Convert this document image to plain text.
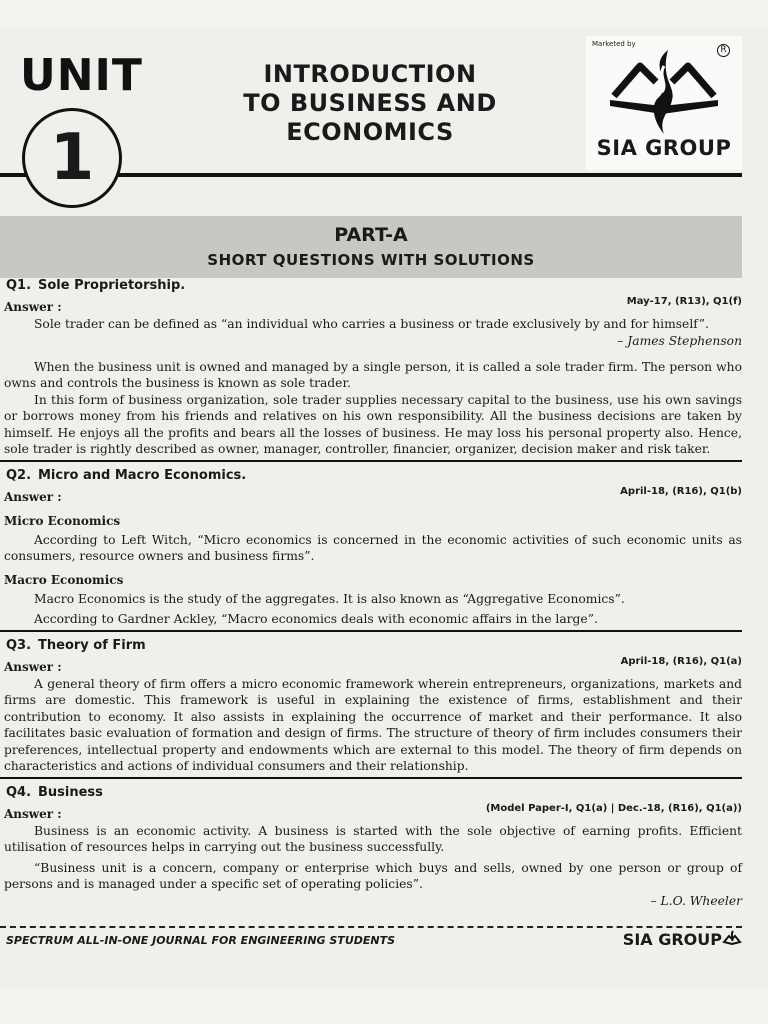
UNIT
1
INTRODUCTION
TO BUSINESS AND
ECONOMICS
Marketed by
R
SIA GROUP
PART-A
SHORT QUESTIONS WITH SOLUTIONS
Q1. Sole Proprietorship.
Answer :	May-17, (R13), Q1(f)

Sole trader can be defined as “an individual who carries a business or trade exclusively by and for himself”.

– James Stephenson

When the business unit is owned and managed by a single person, it is called a sole trader firm. The person who owns and controls the business is known as sole trader.

In this form of business organization, sole trader supplies necessary capital to the business, use his own savings or borrows money from his friends and relatives on his own responsibility. All the business decisions are taken by himself. He enjoys all the profits and bears all the losses of business. He may loss his personal property also. Hence, sole trader is rightly described as owner, manager, controller, financier, organizer, decision maker and risk taker.

Q2. Micro and Macro Economics.
Answer :	April-18, (R16), Q1(b)
Micro Economics

According to Left Witch, “Micro economics is concerned in the economic activities of such economic units as consumers, resource owners and business firms”.

Macro Economics

Macro Economics is the study of the aggregates. It is also known as “Aggregative Economics”.

According to Gardner Ackley, “Macro economics deals with economic affairs in the large”.

Q3. Theory of Firm
Answer :	April-18, (R16), Q1(a)

A general theory of firm offers a micro economic framework wherein entrepreneurs, organizations, markets and firms are domestic. This framework is useful in explaining the existence of firms, establishment and their contribution to economy. It also assists in explaining the occurrence of market and their performance. It also facilitates basic evaluation of formation and design of firms. The structure of theory of firm includes consumers their preferences, intellectual property and endowments which are external to this model. The theory of firm depends on characteristics and actions of individual consumers and their relationship.

Q4. Business
Answer :	(Model Paper-I, Q1(a) | Dec.-18, (R16), Q1(a))

Business is an economic activity. A business is started with the sole objective of earning profits. Efficient utilisation of resources helps in carrying out the business successfully.

“Business unit is a concern, company or enterprise which buys and sells, owned by one person or group of persons and is managed under a specific set of operating policies”.

– L.O. Wheeler

SPECTRUM ALL-IN-ONE JOURNAL FOR ENGINEERING STUDENTS	SIA GROUP
